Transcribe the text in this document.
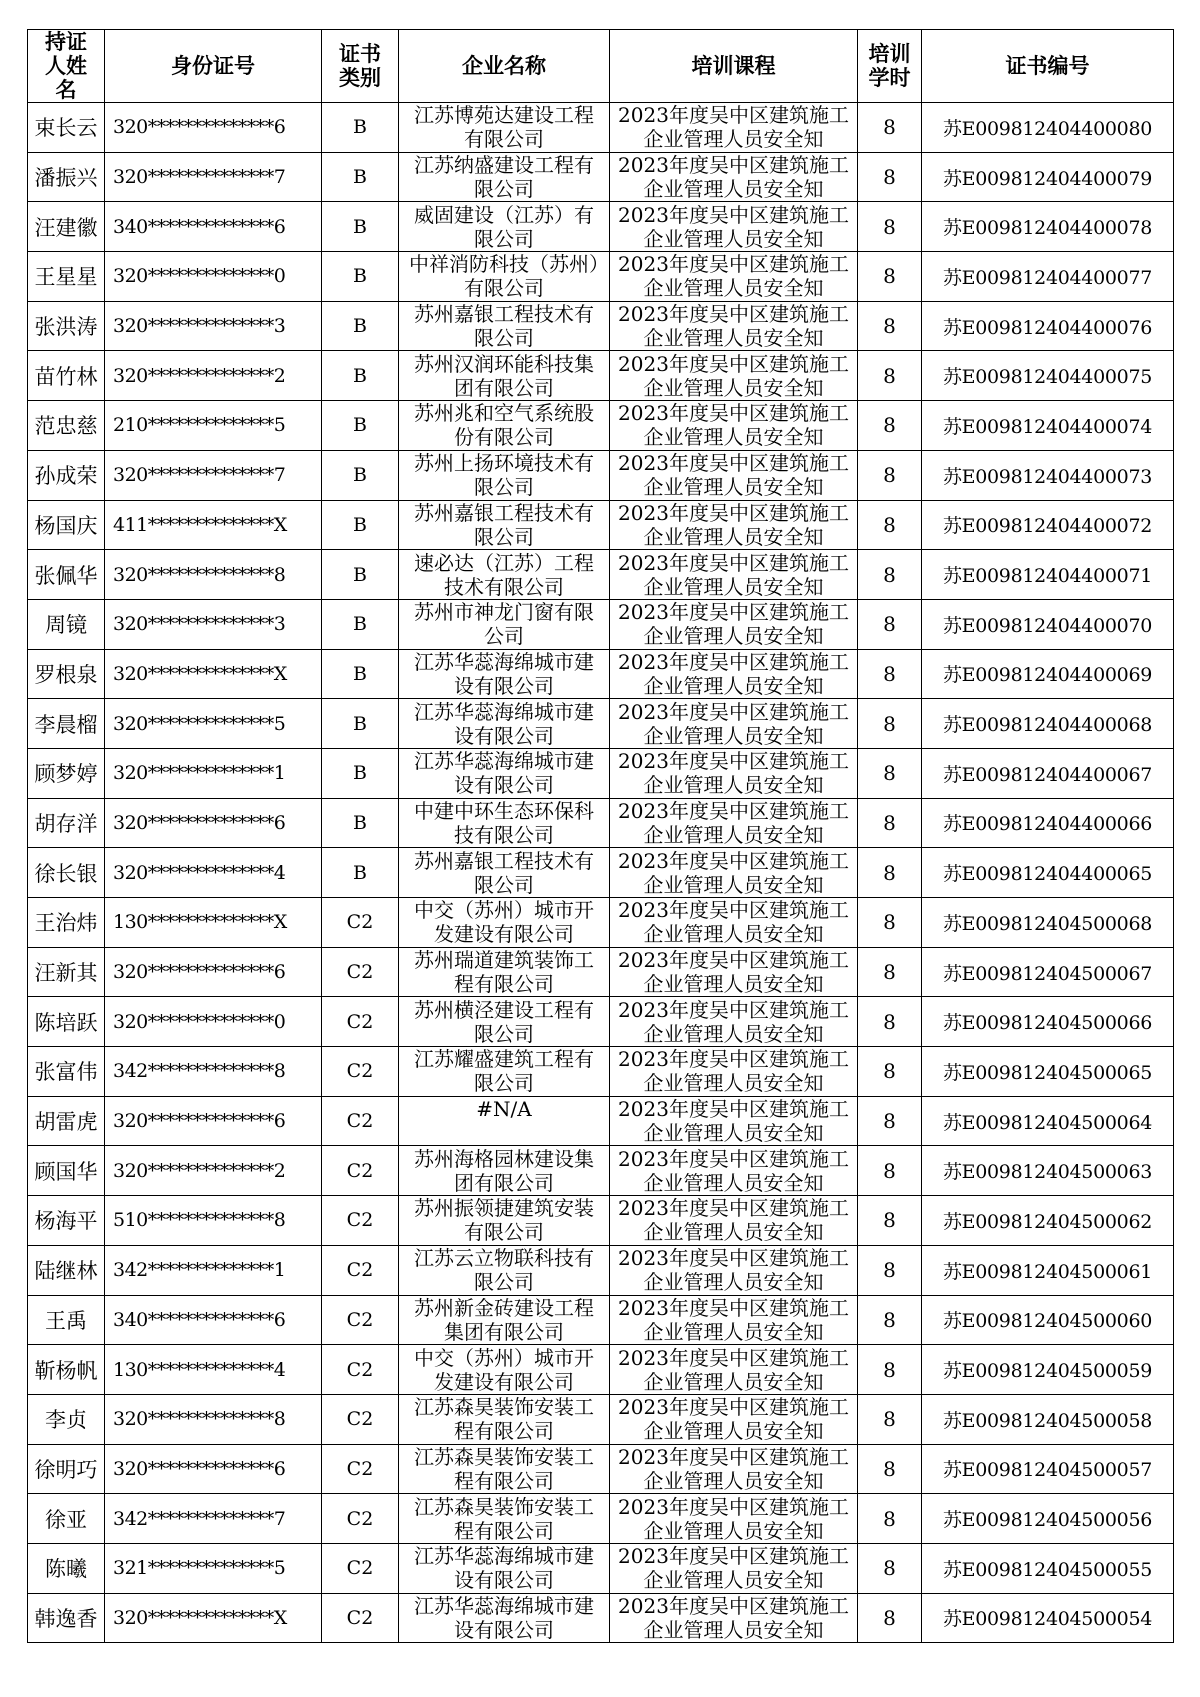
持证人姓名	身份证号	证书类别	企业名称	培训课程	培训学时	证书编号
束长云	320**************6	B	江苏博苑达建设工程有限公司	2023年度吴中区建筑施工企业管理人员安全知	8	苏E009812404400080
潘振兴	320**************7	B	江苏纳盛建设工程有限公司	2023年度吴中区建筑施工企业管理人员安全知	8	苏E009812404400079
汪建徽	340**************6	B	威固建设（江苏）有限公司	2023年度吴中区建筑施工企业管理人员安全知	8	苏E009812404400078
王星星	320**************0	B	中祥消防科技（苏州）有限公司	2023年度吴中区建筑施工企业管理人员安全知	8	苏E009812404400077
张洪涛	320**************3	B	苏州嘉银工程技术有限公司	2023年度吴中区建筑施工企业管理人员安全知	8	苏E009812404400076
苗竹林	320**************2	B	苏州汉润环能科技集团有限公司	2023年度吴中区建筑施工企业管理人员安全知	8	苏E009812404400075
范忠慈	210**************5	B	苏州兆和空气系统股份有限公司	2023年度吴中区建筑施工企业管理人员安全知	8	苏E009812404400074
孙成荣	320**************7	B	苏州上扬环境技术有限公司	2023年度吴中区建筑施工企业管理人员安全知	8	苏E009812404400073
杨国庆	411**************X	B	苏州嘉银工程技术有限公司	2023年度吴中区建筑施工企业管理人员安全知	8	苏E009812404400072
张佩华	320**************8	B	速必达（江苏）工程技术有限公司	2023年度吴中区建筑施工企业管理人员安全知	8	苏E009812404400071
周镜	320**************3	B	苏州市神龙门窗有限公司	2023年度吴中区建筑施工企业管理人员安全知	8	苏E009812404400070
罗根泉	320**************X	B	江苏华蕊海绵城市建设有限公司	2023年度吴中区建筑施工企业管理人员安全知	8	苏E009812404400069
李晨榴	320**************5	B	江苏华蕊海绵城市建设有限公司	2023年度吴中区建筑施工企业管理人员安全知	8	苏E009812404400068
顾梦婷	320**************1	B	江苏华蕊海绵城市建设有限公司	2023年度吴中区建筑施工企业管理人员安全知	8	苏E009812404400067
胡存洋	320**************6	B	中建中环生态环保科技有限公司	2023年度吴中区建筑施工企业管理人员安全知	8	苏E009812404400066
徐长银	320**************4	B	苏州嘉银工程技术有限公司	2023年度吴中区建筑施工企业管理人员安全知	8	苏E009812404400065
王治炜	130**************X	C2	中交（苏州）城市开发建设有限公司	2023年度吴中区建筑施工企业管理人员安全知	8	苏E009812404500068
汪新其	320**************6	C2	苏州瑞道建筑装饰工程有限公司	2023年度吴中区建筑施工企业管理人员安全知	8	苏E009812404500067
陈培跃	320**************0	C2	苏州横泾建设工程有限公司	2023年度吴中区建筑施工企业管理人员安全知	8	苏E009812404500066
张富伟	342**************8	C2	江苏耀盛建筑工程有限公司	2023年度吴中区建筑施工企业管理人员安全知	8	苏E009812404500065
胡雷虎	320**************6	C2	#N/A	2023年度吴中区建筑施工企业管理人员安全知	8	苏E009812404500064
顾国华	320**************2	C2	苏州海格园林建设集团有限公司	2023年度吴中区建筑施工企业管理人员安全知	8	苏E009812404500063
杨海平	510**************8	C2	苏州振领捷建筑安装有限公司	2023年度吴中区建筑施工企业管理人员安全知	8	苏E009812404500062
陆继林	342**************1	C2	江苏云立物联科技有限公司	2023年度吴中区建筑施工企业管理人员安全知	8	苏E009812404500061
王禹	340**************6	C2	苏州新金砖建设工程集团有限公司	2023年度吴中区建筑施工企业管理人员安全知	8	苏E009812404500060
靳杨帆	130**************4	C2	中交（苏州）城市开发建设有限公司	2023年度吴中区建筑施工企业管理人员安全知	8	苏E009812404500059
李贞	320**************8	C2	江苏森昊装饰安装工程有限公司	2023年度吴中区建筑施工企业管理人员安全知	8	苏E009812404500058
徐明巧	320**************6	C2	江苏森昊装饰安装工程有限公司	2023年度吴中区建筑施工企业管理人员安全知	8	苏E009812404500057
徐亚	342**************7	C2	江苏森昊装饰安装工程有限公司	2023年度吴中区建筑施工企业管理人员安全知	8	苏E009812404500056
陈曦	321**************5	C2	江苏华蕊海绵城市建设有限公司	2023年度吴中区建筑施工企业管理人员安全知	8	苏E009812404500055
韩逸香	320**************X	C2	江苏华蕊海绵城市建设有限公司	2023年度吴中区建筑施工企业管理人员安全知	8	苏E009812404500054
